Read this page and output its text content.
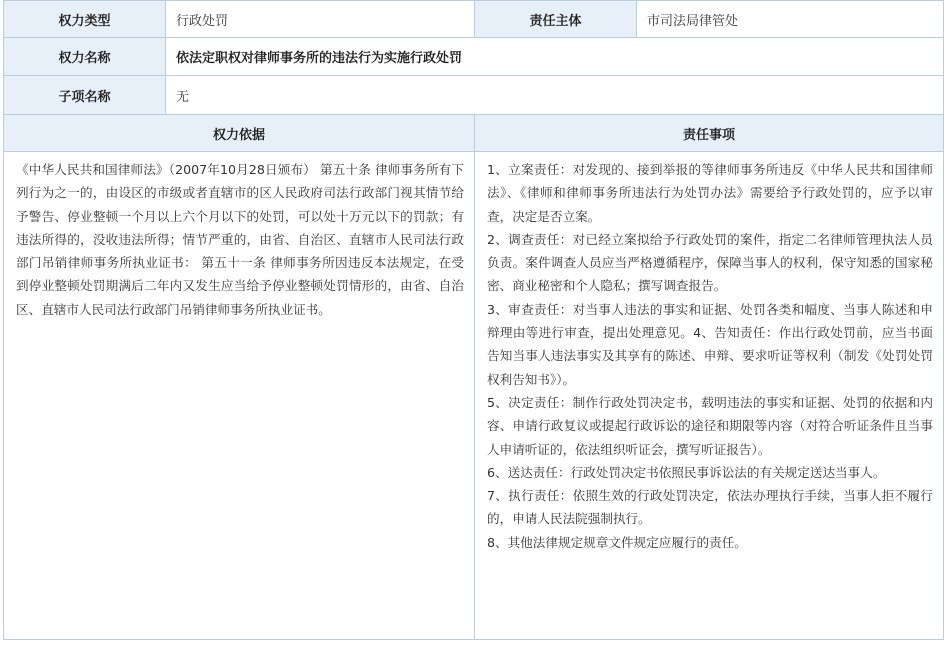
权力类型	行政处罚	责任主体	市司法局律管处
权力名称	依法定职权对律师事务所的违法行为实施行政处罚
子项名称	无
权力依据	责任事项

《中华人民共和国律师法》（2007年10月28日颁布） 第五十条 律师事务所有下列行为之一的，由设区的市级或者直辖市的区人民政府司法行政部门视其情节给予警告、停业整顿一个月以上六个月以下的处罚，可以处十万元以下的罚款；有违法所得的，没收违法所得；情节严重的，由省、自治区、直辖市人民司法行政部门吊销律师事务所执业证书： 第五十一条 律师事务所因违反本法规定，在受到停业整顿处罚期满后二年内又发生应当给予停业整顿处罚情形的，由省、自治区、直辖市人民司法行政部门吊销律师事务所执业证书。

1、立案责任：对发现的、接到举报的等律师事务所违反《中华人民共和国律师法》、《律师和律师事务所违法行为处罚办法》需要给予行政处罚的，应予以审查，决定是否立案。

2、调查责任：对已经立案拟给予行政处罚的案件，指定二名律师管理执法人员负责。案件调查人员应当严格遵循程序，保障当事人的权利，保守知悉的国家秘密、商业秘密和个人隐私；撰写调查报告。

3、审查责任：对当事人违法的事实和证据、处罚各类和幅度、当事人陈述和申辩理由等进行审查，提出处理意见。4、告知责任：作出行政处罚前，应当书面告知当事人违法事实及其享有的陈述、申辩、要求听证等权利（制发《处罚处罚权利告知书》）。

5、决定责任：制作行政处罚决定书，载明违法的事实和证据、处罚的依据和内容、申请行政复议或提起行政诉讼的途径和期限等内容（对符合听证条件且当事人申请听证的，依法组织听证会，撰写听证报告）。

6、送达责任：行政处罚决定书依照民事诉讼法的有关规定送达当事人。

7、执行责任：依照生效的行政处罚决定，依法办理执行手续，当事人拒不履行的，申请人民法院强制执行。

8、其他法律规定规章文件规定应履行的责任。
